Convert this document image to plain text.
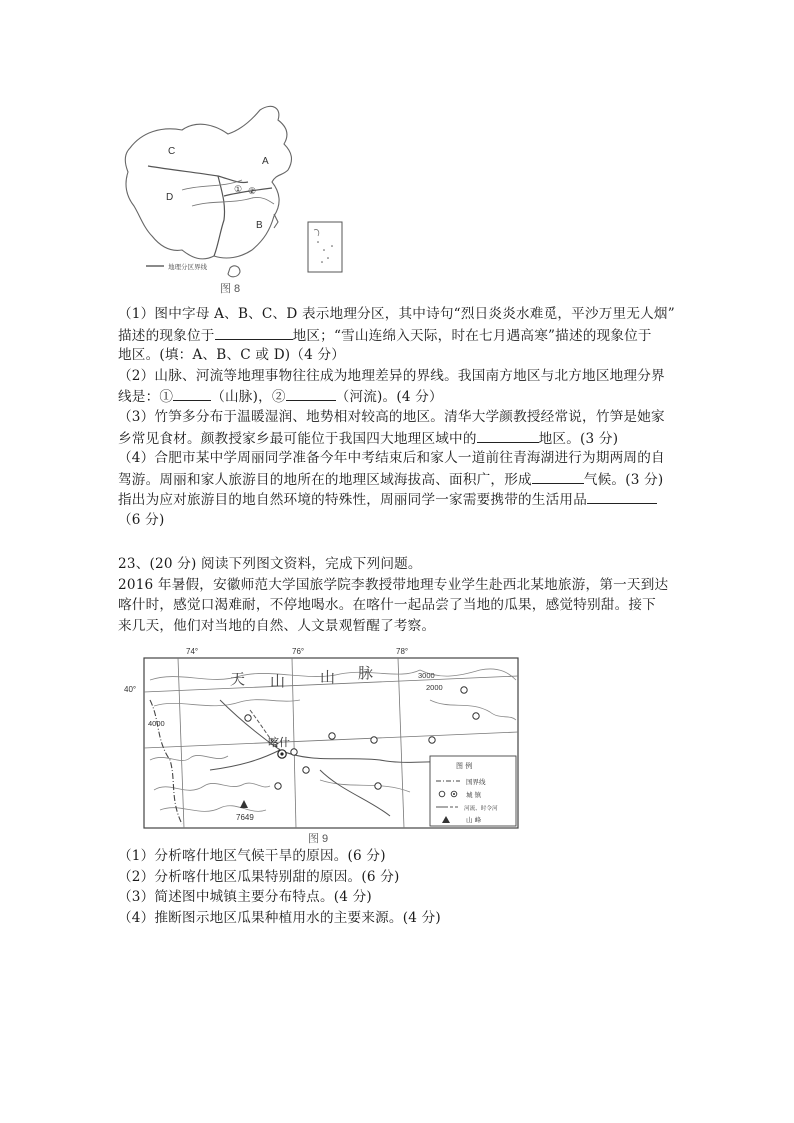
C
D
A
B
① ②
地理分区界线
图 8
（1）图中字母 A、B、C、D 表示地理分区，其中诗句“烈日炎炎水难觅，平沙万里无人烟”
描述的现象位于	地区；“雪山连绵入天际，时在七月遇高寒”描述的现象位于
地区。(填：A、B、C 或 D)（4 分）
（2）山脉、河流等地理事物往往成为地理差异的界线。我国南方地区与北方地区地理分界
线是：①	（山脉)，②	（河流)。(4 分）
（3）竹笋多分布于温暖湿润、地势相对较高的地区。清华大学颜教授经常说，竹笋是她家
乡常见食材。颜教授家乡最可能位于我国四大地理区域中的	地区。(3 分)
（4）合肥市某中学周丽同学准备今年中考结束后和家人一道前往青海湖进行为期两周的自
驾游。周丽和家人旅游目的地所在的地理区域海拔高、面积广，形成	气候。(3 分)
指出为应对旅游目的地自然环境的特殊性，周丽同学一家需要携带的生活用品
（6 分)
23、(20 分) 阅读下列图文资料，完成下列问题。
2016 年暑假，安徽师范大学国旅学院李教授带地理专业学生赴西北某地旅游，第一天到达
喀什时，感觉口渴难耐，不停地喝水。在喀什一起品尝了当地的瓜果，感觉特别甜。接下
来几天，他们对当地的自然、人文景观暂醒了考察。
74°	76°	78°
40°
天 山 山 脉	3000
2000
4000
喀什
7649
图 例
国界线
城 镇
河流、时令河
山 峰
图 9
（1）分析喀什地区气候干旱的原因。(6 分)
（2）分析喀什地区瓜果特别甜的原因。(6 分)
（3）简述图中城镇主要分布特点。(4 分)
（4）推断图示地区瓜果种植用水的主要来源。(4 分)
